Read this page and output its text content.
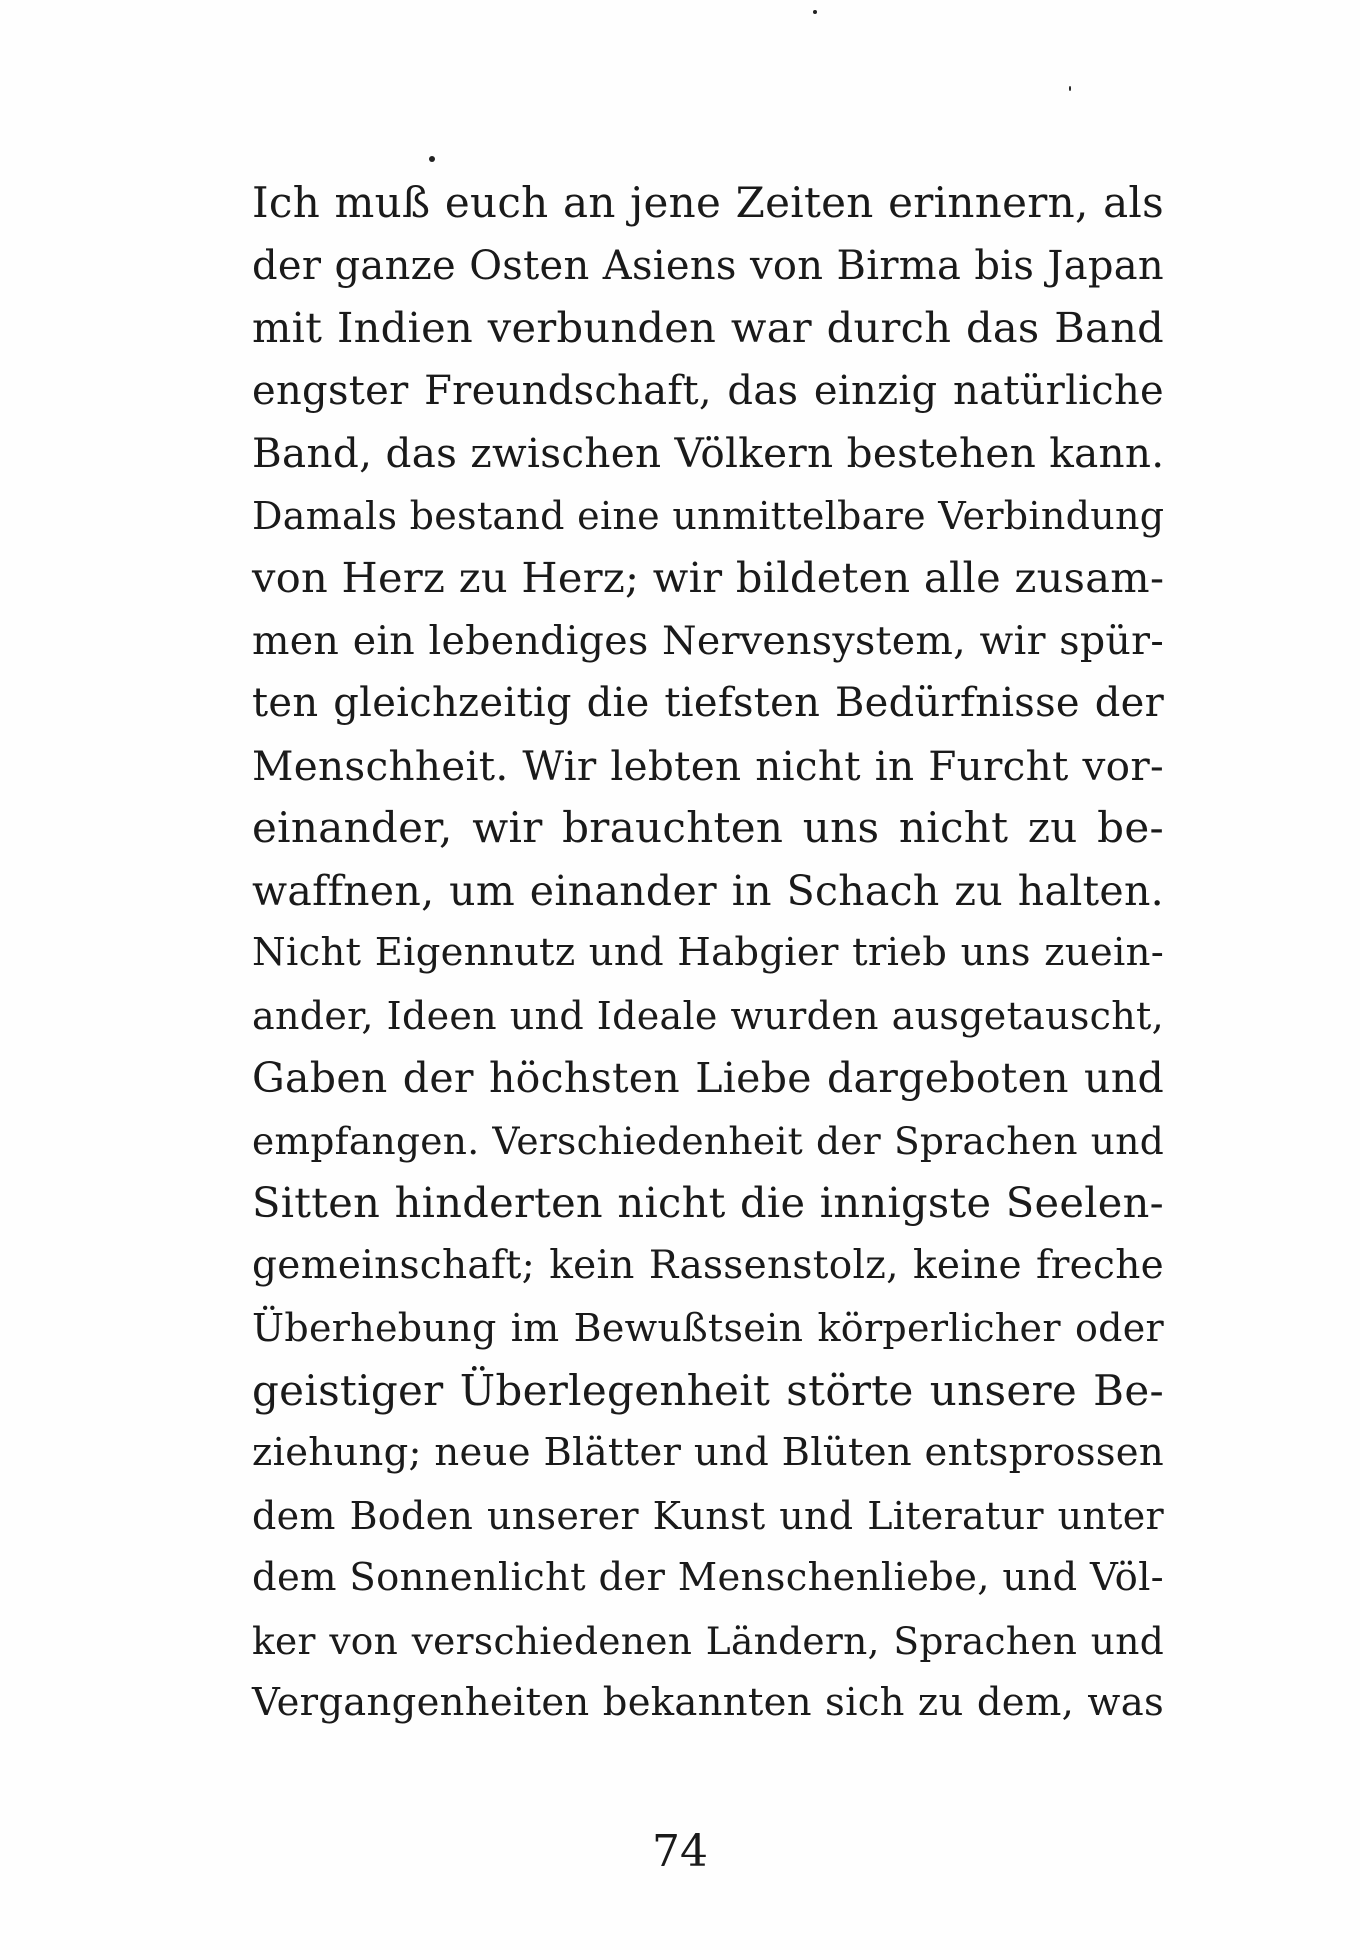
Ich muß euch an jene Zeiten erinnern, als
der ganze Osten Asiens von Birma bis Japan
mit Indien verbunden war durch das Band
engster Freundschaft, das einzig natürliche
Band, das zwischen Völkern bestehen kann.
Damals bestand eine unmittelbare Verbindung
von Herz zu Herz; wir bildeten alle zusam-
men ein lebendiges Nervensystem, wir spür-
ten gleichzeitig die tiefsten Bedürfnisse der
Menschheit. Wir lebten nicht in Furcht vor-
einander, wir brauchten uns nicht zu be-
waffnen, um einander in Schach zu halten.
Nicht Eigennutz und Habgier trieb uns zuein-
ander, Ideen und Ideale wurden ausgetauscht,
Gaben der höchsten Liebe dargeboten und
empfangen. Verschiedenheit der Sprachen und
Sitten hinderten nicht die innigste Seelen-
gemeinschaft; kein Rassenstolz, keine freche
Überhebung im Bewußtsein körperlicher oder
geistiger Überlegenheit störte unsere Be-
ziehung; neue Blätter und Blüten entsprossen
dem Boden unserer Kunst und Literatur unter
dem Sonnenlicht der Menschenliebe, und Völ-
ker von verschiedenen Ländern, Sprachen und
Vergangenheiten bekannten sich zu dem, was
74
